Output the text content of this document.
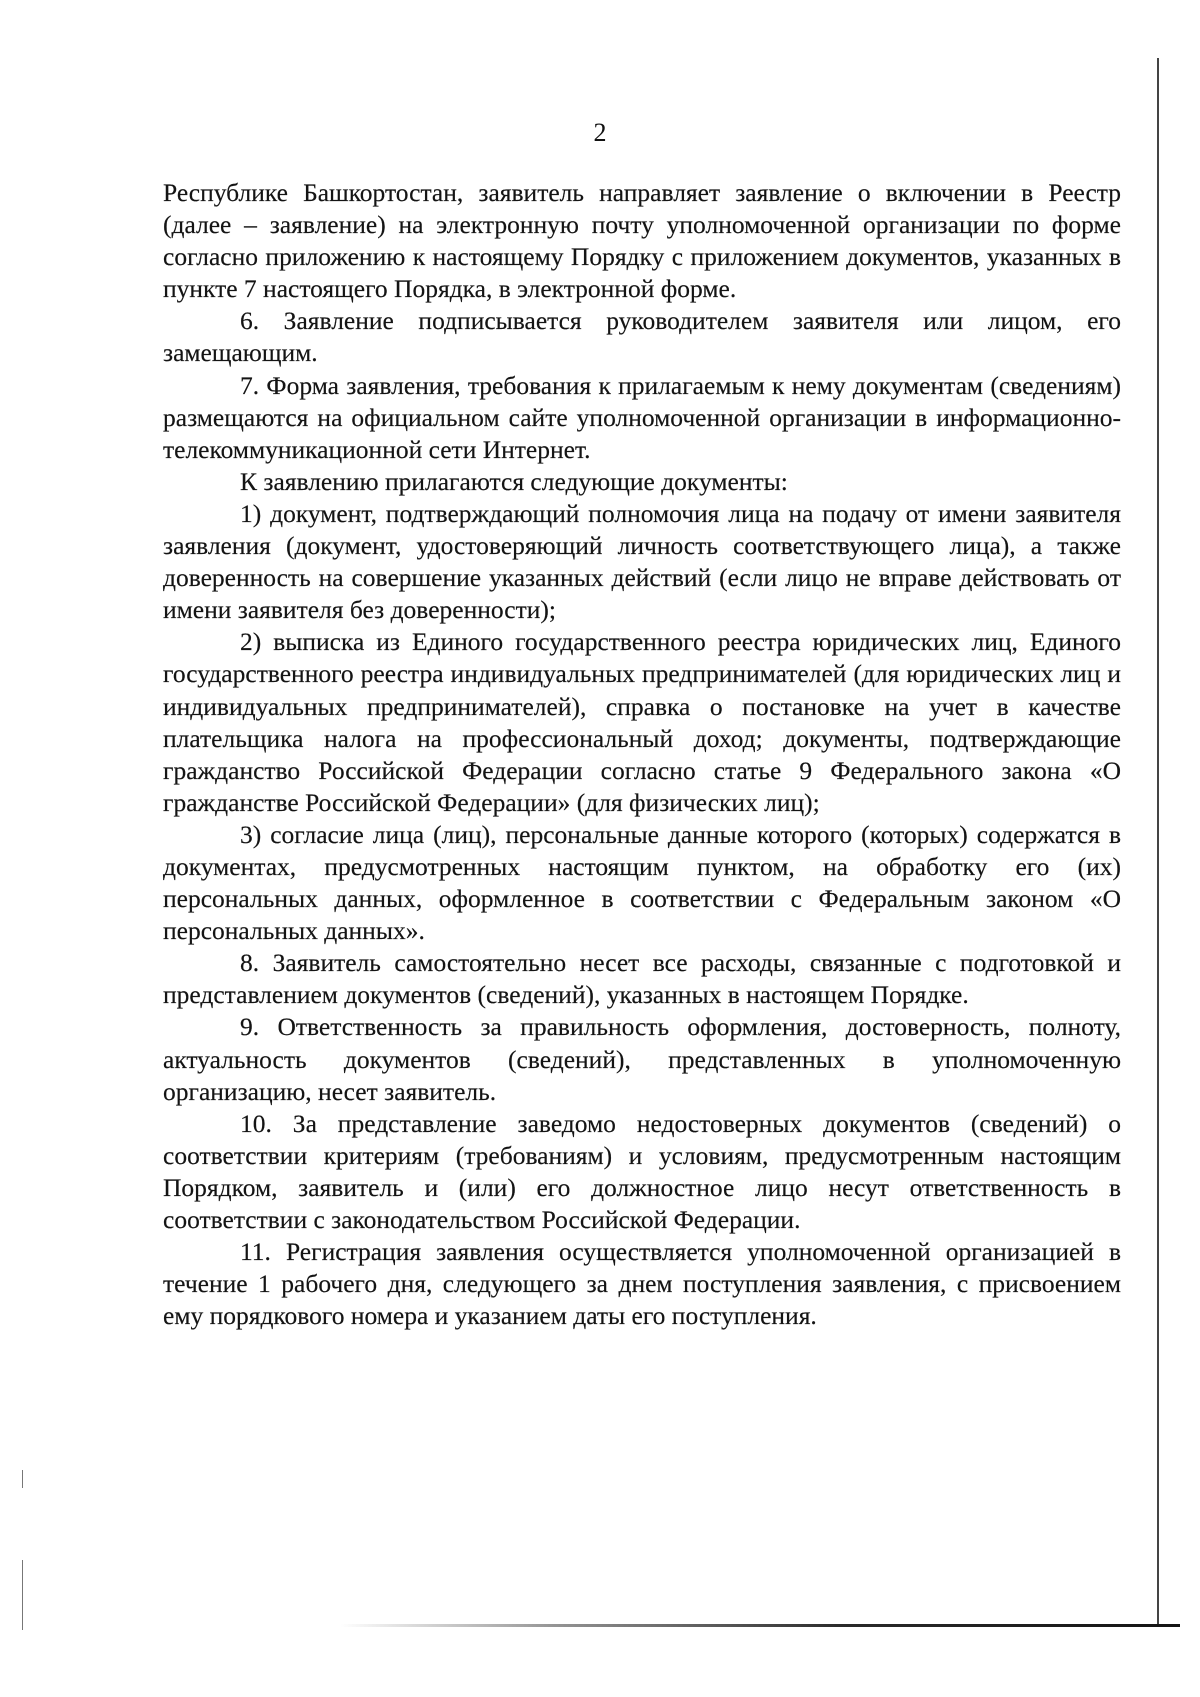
2

Республике Башкортостан, заявитель направляет заявление о включении в Реестр (далее – заявление) на электронную почту уполномоченной организации по форме согласно приложению к настоящему Порядку с приложением документов, указанных в пункте 7 настоящего Порядка, в электронной форме.

6. Заявление подписывается руководителем заявителя или лицом, его замещающим.

7. Форма заявления, требования к прилагаемым к нему документам (сведениям) размещаются на официальном сайте уполномоченной организации в информационно-телекоммуникационной сети Интернет.

К заявлению прилагаются следующие документы:

1) документ, подтверждающий полномочия лица на подачу от имени заявителя заявления (документ, удостоверяющий личность соответствующего лица), а также доверенность на совершение указанных действий (если лицо не вправе действовать от имени заявителя без доверенности);

2) выписка из Единого государственного реестра юридических лиц, Единого государственного реестра индивидуальных предпринимателей (для юридических лиц и индивидуальных предпринимателей), справка о постановке на учет в качестве плательщика налога на профессиональный доход; документы, подтверждающие гражданство Российской Федерации согласно статье 9 Федерального закона «О гражданстве Российской Федерации» (для физических лиц);

3) согласие лица (лиц), персональные данные которого (которых) содержатся в документах, предусмотренных настоящим пунктом, на обработку его (их) персональных данных, оформленное в соответствии с Федеральным законом «О персональных данных».

8. Заявитель самостоятельно несет все расходы, связанные с подготовкой и представлением документов (сведений), указанных в настоящем Порядке.

9. Ответственность за правильность оформления, достоверность, полноту, актуальность документов (сведений), представленных в уполномоченную организацию, несет заявитель.

10. За представление заведомо недостоверных документов (сведений) о соответствии критериям (требованиям) и условиям, предусмотренным настоящим Порядком, заявитель и (или) его должностное лицо несут ответственность в соответствии с законодательством Российской Федерации.

11. Регистрация заявления осуществляется уполномоченной организацией в течение 1 рабочего дня, следующего за днем поступления заявления, с присвоением ему порядкового номера и указанием даты его поступления.
